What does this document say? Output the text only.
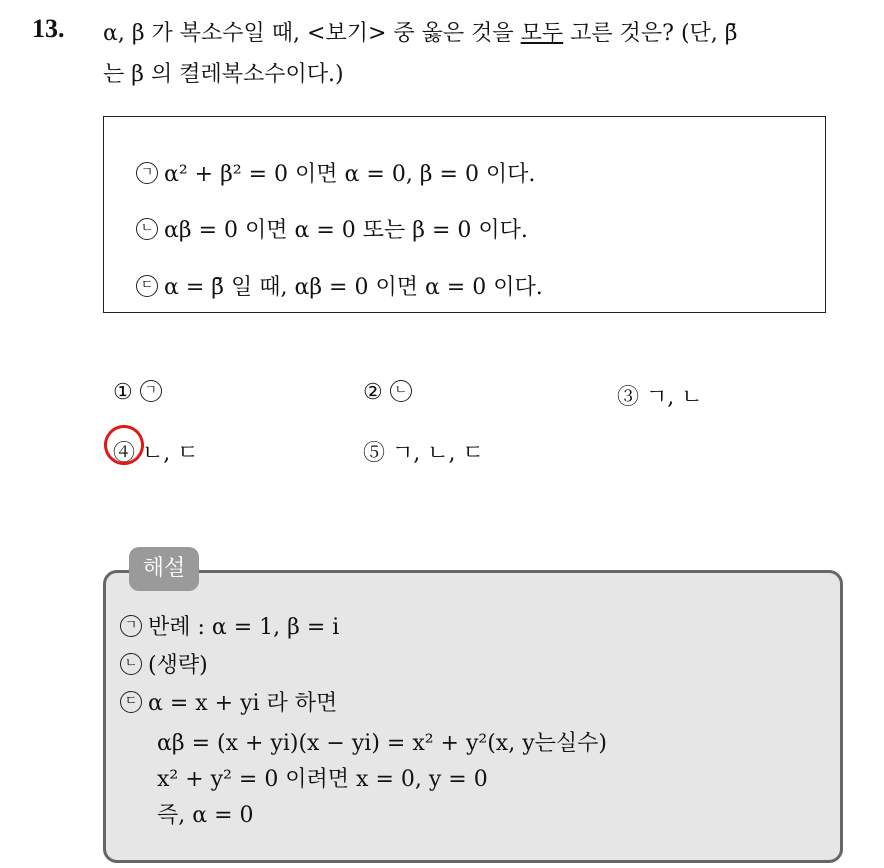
13. α, β 가 복소수일 때, <보기> 중 옳은 것을 모두 고른 것은? (단, β̄
는 β 의 켤레복소수이다.)
ㄱ α² + β² = 0 이면 α = 0, β = 0 이다.
ㄴ αβ = 0 이면 α = 0 또는 β = 0 이다.
ㄷ α = β̄ 일 때, αβ = 0 이면 α = 0 이다.
① ㄱ	② ㄴ	③ ㄱ, ㄴ
④ ㄴ, ㄷ	⑤ ㄱ, ㄴ, ㄷ
해설
ㄱ 반례 : α = 1, β = i
ㄴ (생략)
ㄷ α = x + yi 라 하면
αβ = (x + yi)(x − yi) = x² + y²(x, y는실수)
x² + y² = 0 이려면 x = 0, y = 0
즉, α = 0
